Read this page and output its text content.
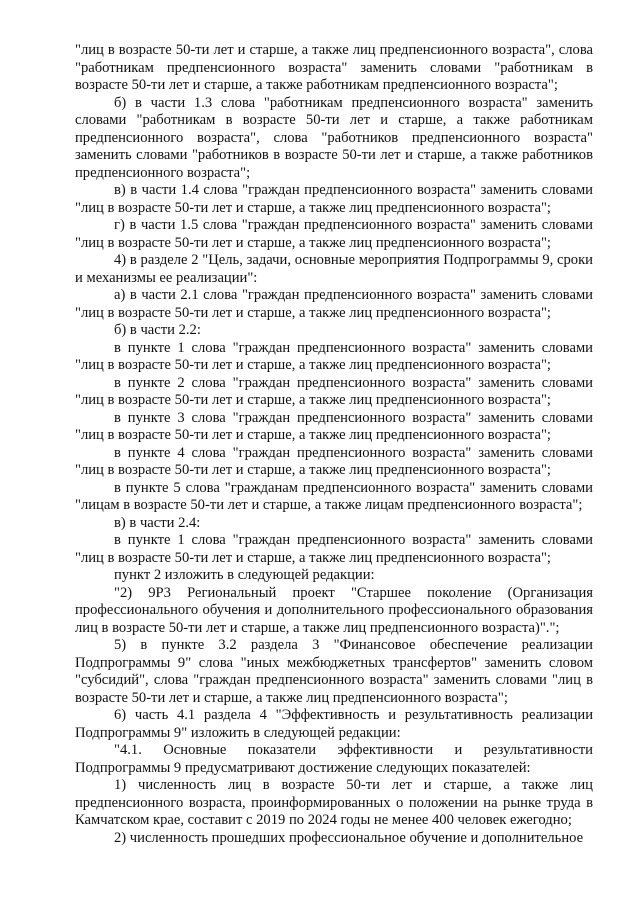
"лиц в возрасте 50-ти лет и старше, а также лиц предпенсионного возраста", слова "работникам предпенсионного возраста" заменить словами "работникам в возрасте 50-ти лет и старше, а также работникам предпенсионного возраста";

б) в части 1.3 слова "работникам предпенсионного возраста" заменить словами "работникам в возрасте 50-ти лет и старше, а также работникам предпенсионного возраста", слова "работников предпенсионного возраста" заменить словами "работников в возрасте 50-ти лет и старше, а также работников предпенсионного возраста";

в) в части 1.4 слова "граждан предпенсионного возраста" заменить словами "лиц в возрасте 50-ти лет и старше, а также лиц предпенсионного возраста";

г) в части 1.5 слова "граждан предпенсионного возраста" заменить словами "лиц в возрасте 50-ти лет и старше, а также лиц предпенсионного возраста";

4) в разделе 2 "Цель, задачи, основные мероприятия Подпрограммы 9, сроки и механизмы ее реализации":

а) в части 2.1 слова "граждан предпенсионного возраста" заменить словами "лиц в возрасте 50-ти лет и старше, а также лиц предпенсионного возраста";

б) в части 2.2:

в пункте 1 слова "граждан предпенсионного возраста" заменить словами "лиц в возрасте 50-ти лет и старше, а также лиц предпенсионного возраста";

в пункте 2 слова "граждан предпенсионного возраста" заменить словами "лиц в возрасте 50-ти лет и старше, а также лиц предпенсионного возраста";

в пункте 3 слова "граждан предпенсионного возраста" заменить словами "лиц в возрасте 50-ти лет и старше, а также лиц предпенсионного возраста";

в пункте 4 слова "граждан предпенсионного возраста" заменить словами "лиц в возрасте 50-ти лет и старше, а также лиц предпенсионного возраста";

в пункте 5 слова "гражданам предпенсионного возраста" заменить словами "лицам в возрасте 50-ти лет и старше, а также лицам предпенсионного возраста";

в) в части 2.4:

в пункте 1 слова "граждан предпенсионного возраста" заменить словами "лиц в возрасте 50-ти лет и старше, а также лиц предпенсионного возраста";

пункт 2 изложить в следующей редакции:

"2) 9Р3 Региональный проект "Старшее поколение (Организация профессионального обучения и дополнительного профессионального образования лиц в возрасте 50-ти лет и старше, а также лиц предпенсионного возраста)".";

5) в пункте 3.2 раздела 3 "Финансовое обеспечение реализации Подпрограммы 9" слова "иных межбюджетных трансфертов" заменить словом "субсидий", слова "граждан предпенсионного возраста" заменить словами "лиц в возрасте 50-ти лет и старше, а также лиц предпенсионного возраста";

6) часть 4.1 раздела 4 "Эффективность и результативность реализации Подпрограммы 9" изложить в следующей редакции:

"4.1. Основные показатели эффективности и результативности Подпрограммы 9 предусматривают достижение следующих показателей:

1) численность лиц в возрасте 50-ти лет и старше, а также лиц предпенсионного возраста, проинформированных о положении на рынке труда в Камчатском крае, составит с 2019 по 2024 годы не менее 400 человек ежегодно;

2) численность прошедших профессиональное обучение и дополнительное
